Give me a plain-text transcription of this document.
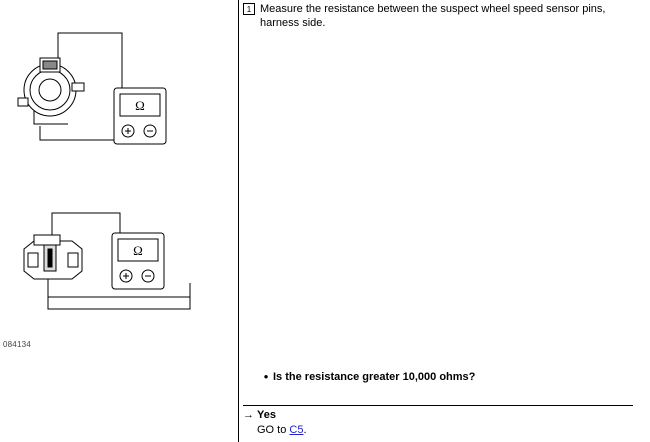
Ω
Ω
084134
1 Measure the resistance between the suspect wheel speed sensor pins, harness side.
• Is the resistance greater 10,000 ohms?
→ Yes
GO to C5.
